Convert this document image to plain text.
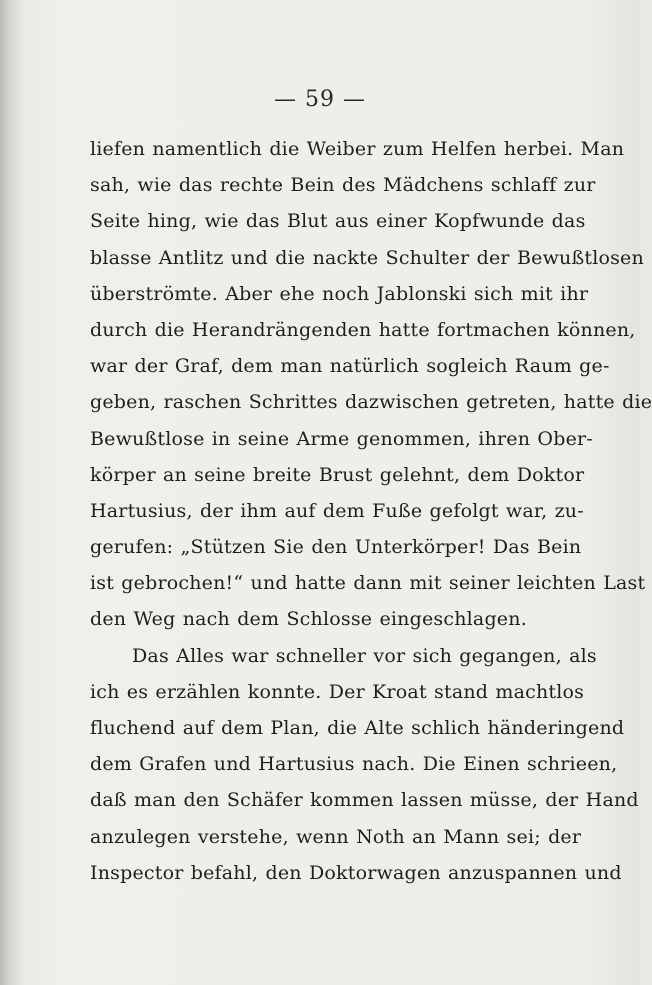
— 59 —
liefen namentlich die Weiber zum Helfen herbei. Man
sah, wie das rechte Bein des Mädchens schlaff zur
Seite hing, wie das Blut aus einer Kopfwunde das
blasse Antlitz und die nackte Schulter der Bewußtlosen
überströmte. Aber ehe noch Jablonski sich mit ihr
durch die Herandrängenden hatte fortmachen können,
war der Graf, dem man natürlich sogleich Raum ge-
geben, raschen Schrittes dazwischen getreten, hatte die
Bewußtlose in seine Arme genommen, ihren Ober-
körper an seine breite Brust gelehnt, dem Doktor
Hartusius, der ihm auf dem Fuße gefolgt war, zu-
gerufen: „Stützen Sie den Unterkörper! Das Bein
ist gebrochen!“ und hatte dann mit seiner leichten Last
den Weg nach dem Schlosse eingeschlagen.
Das Alles war schneller vor sich gegangen, als
ich es erzählen konnte. Der Kroat stand machtlos
fluchend auf dem Plan, die Alte schlich händeringend
dem Grafen und Hartusius nach. Die Einen schrieen,
daß man den Schäfer kommen lassen müsse, der Hand
anzulegen verstehe, wenn Noth an Mann sei; der
Inspector befahl, den Doktorwagen anzuspannen und
